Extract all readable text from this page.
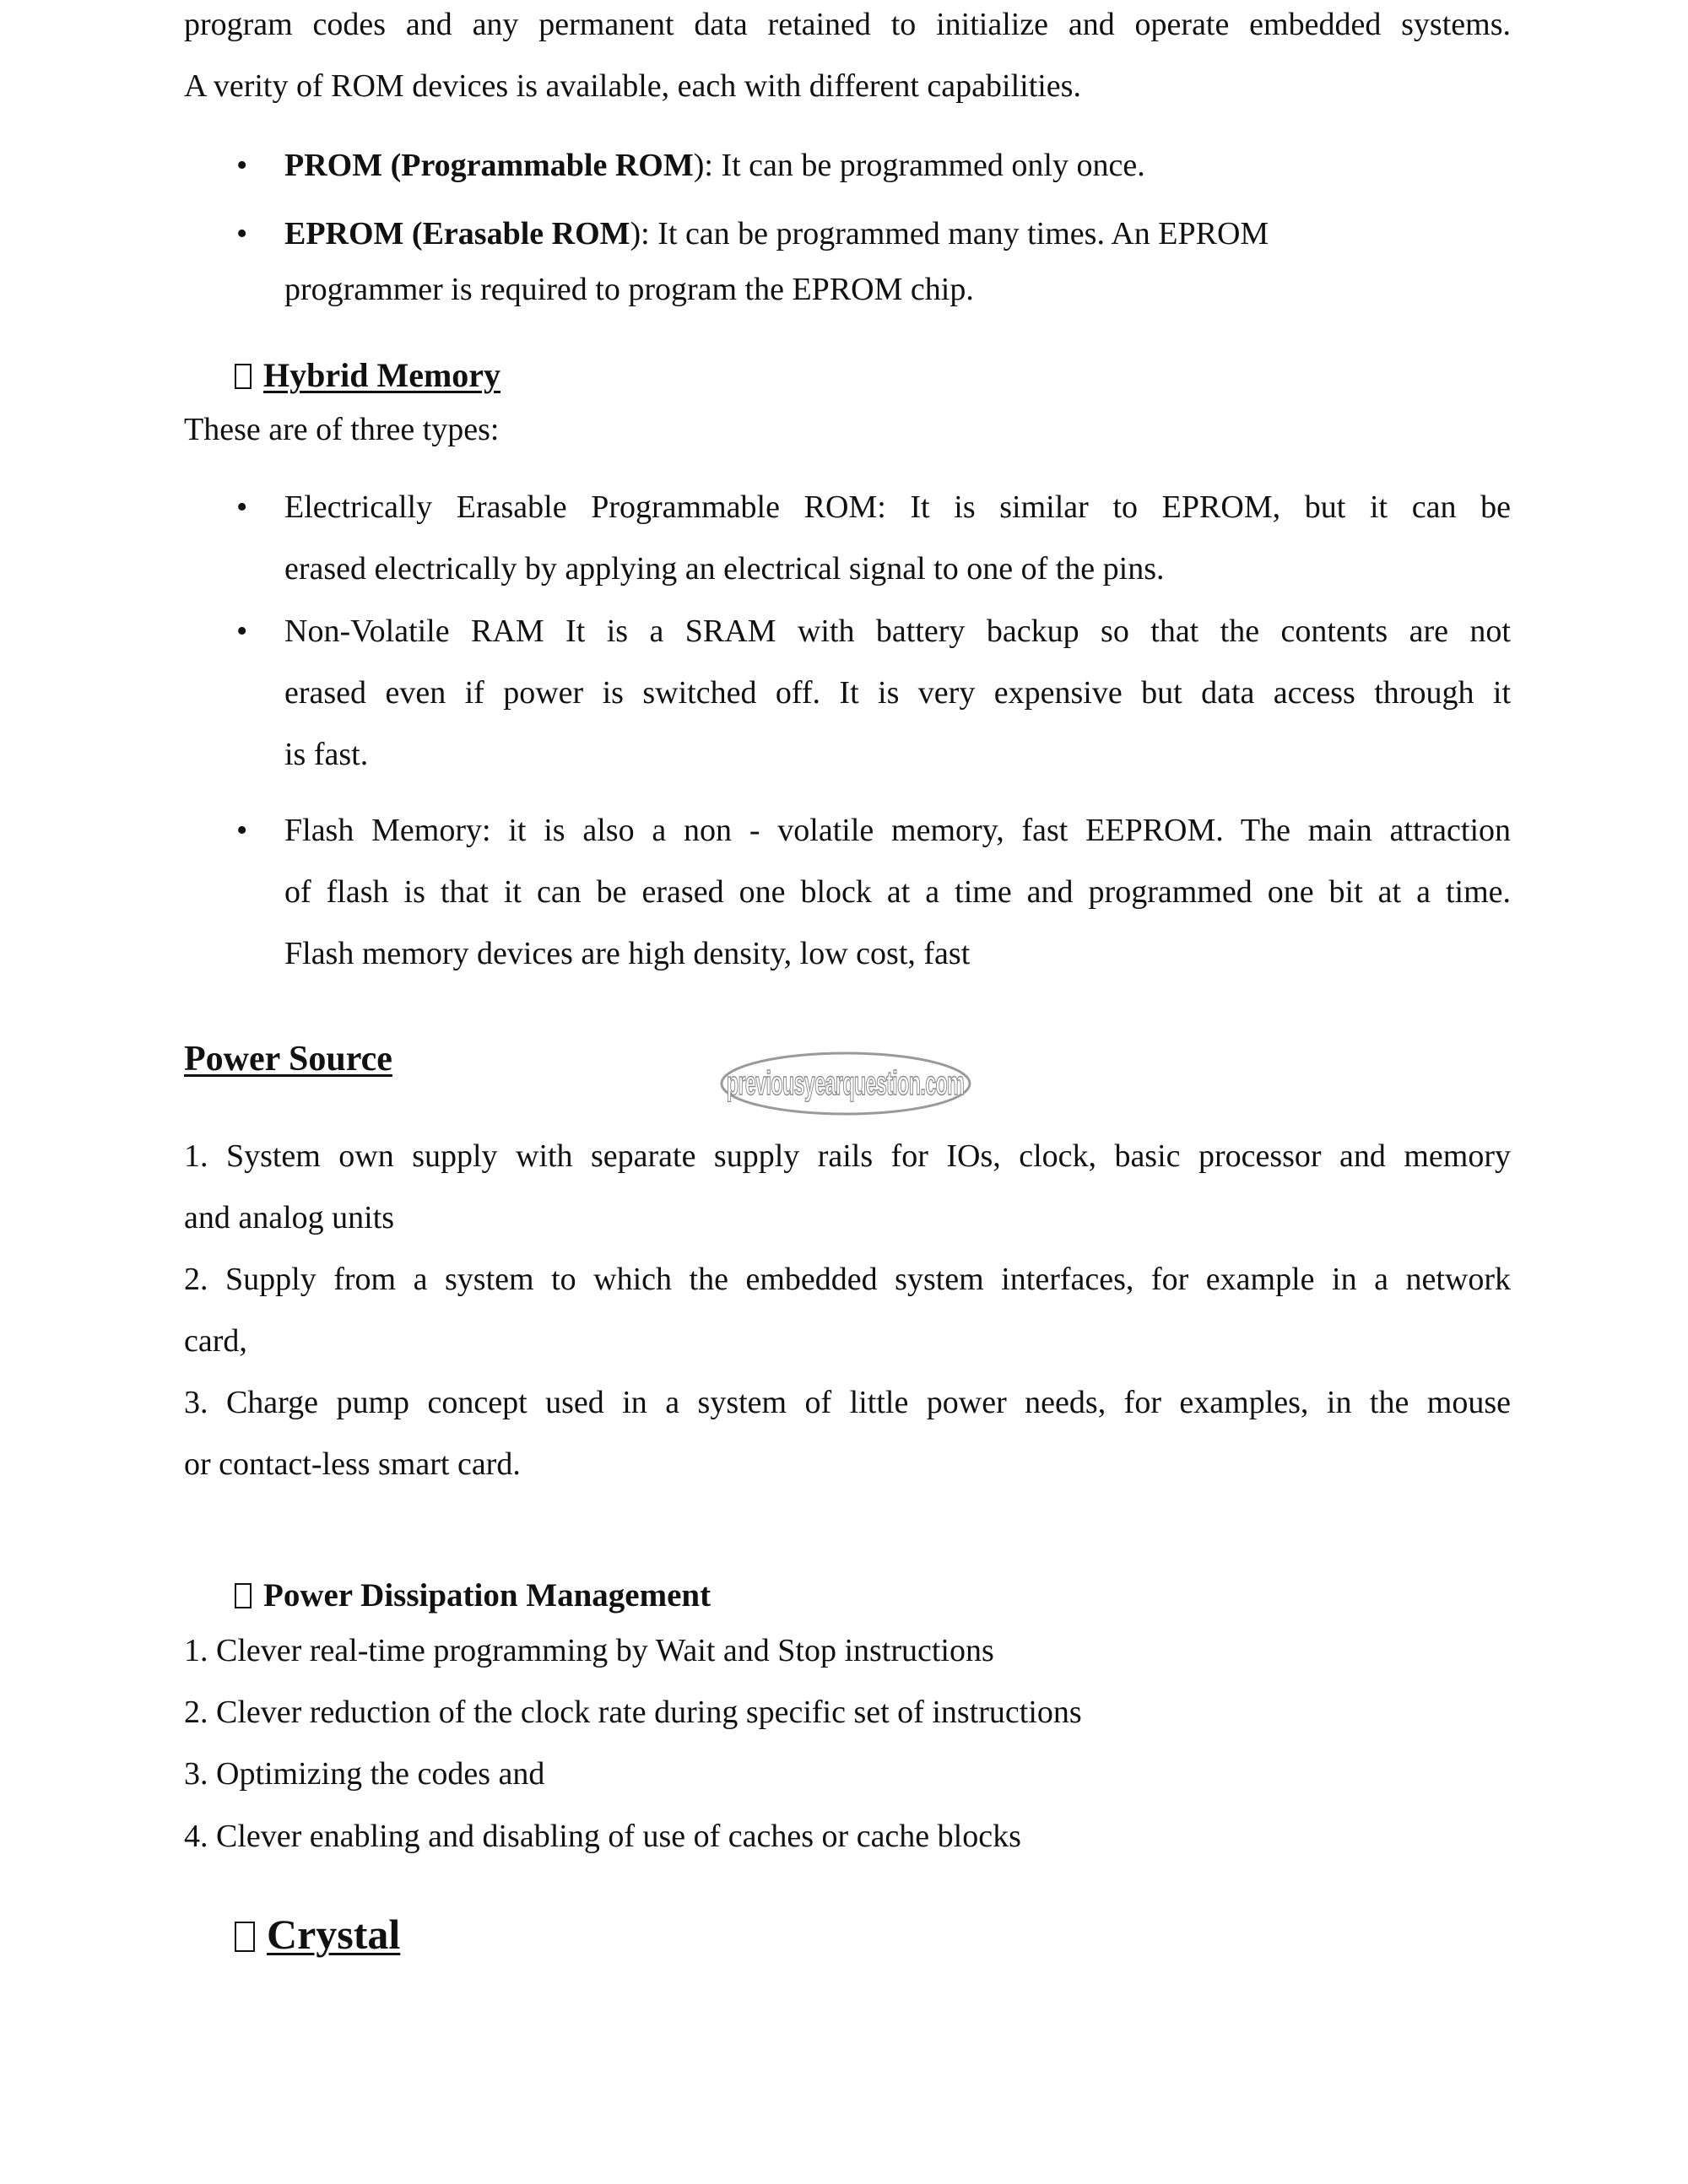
program codes and any permanent data retained to initialize and operate embedded systems.
A verity of ROM devices is available, each with different capabilities.
• PROM (Programmable ROM): It can be programmed only once.
• EPROM (Erasable ROM): It can be programmed many times. An EPROM
programmer is required to program the EPROM chip.
Hybrid Memory
These are of three types:
• Electrically Erasable Programmable ROM: It is similar to EPROM, but it can be
erased electrically by applying an electrical signal to one of the pins.
• Non-Volatile RAM It is a SRAM with battery backup so that the contents are not
erased even if power is switched off. It is very expensive but data access through it
is fast.
• Flash Memory: it is also a non - volatile memory, fast EEPROM. The main attraction
of flash is that it can be erased one block at a time and programmed one bit at a time.
Flash memory devices are high density, low cost, fast
Power Source
previousyearquestion.com
1. System own supply with separate supply rails for IOs, clock, basic processor and memory
and analog units
2. Supply from a system to which the embedded system interfaces, for example in a network
card,
3. Charge pump concept used in a system of little power needs, for examples, in the mouse
or contact-less smart card.
Power Dissipation Management
1. Clever real-time programming by Wait and Stop instructions
2. Clever reduction of the clock rate during specific set of instructions
3. Optimizing the codes and
4. Clever enabling and disabling of use of caches or cache blocks
Crystal
